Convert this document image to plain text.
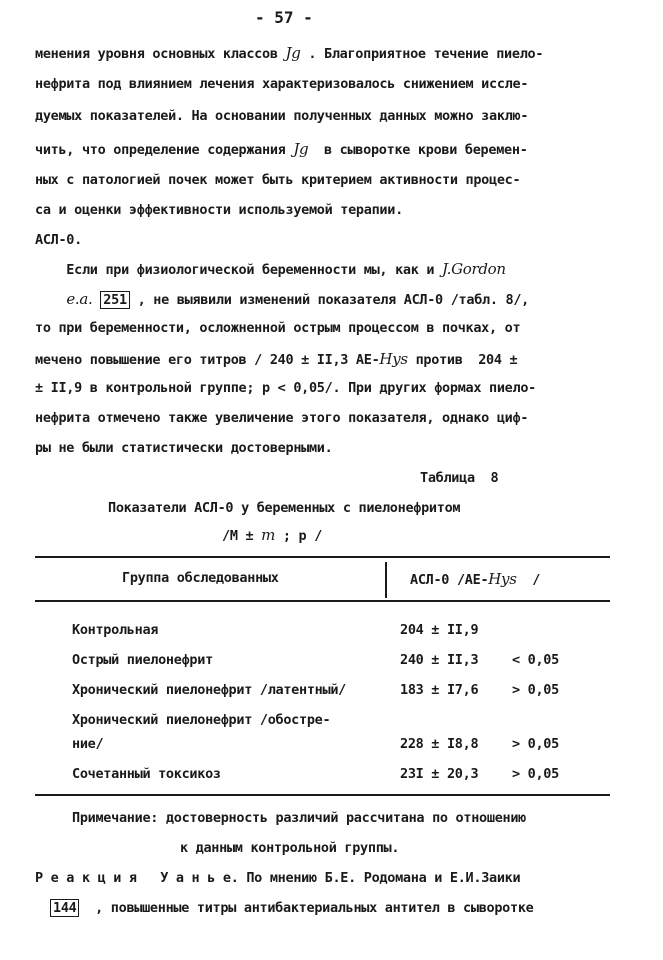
- 57 -
менения уровня основных классов Jg . Благоприятное течение пиело-
нефрита под влиянием лечения характеризовалось снижением иссле-
дуемых показателей. На основании полученных данных можно заклю-
чить, что определение содержания Jg  в сыворотке крови беремен-
ных с патологией почек может быть критерием активности процес-
са и оценки эффективности используемой терапии.
АСЛ-0.
Если при физиологической беременности мы, как и J.Gordon
e.a. 251 , не выявили изменений показателя АСЛ-0 /табл. 8/,
то при беременности, осложненной острым процессом в почках, от
мечено повышение его титров / 240 ± II,3 АЕ-Hys против  204 ±
± II,9 в контрольной группе; p < 0,05/. При других формах пиело-
нефрита отмечено также увеличение этого показателя, однако циф-
ры не были статистически достоверными.
Таблица  8
Показатели АСЛ-0 у беременных с пиелонефритом
/М ± m ; p /
Группа обследованных	АСЛ-0 /АЕ-Hys  /
Контрольная	204 ± II,9
Острый пиелонефрит	240 ± II,3 < 0,05
Хронический пиелонефрит /латентный/	183 ± I7,6 > 0,05
Хронический пиелонефрит /обостре-
ние/	228 ± I8,8 > 0,05
Сочетанный токсикоз	23I ± 20,3 > 0,05
Примечание: достоверность различий рассчитана по отношению
к данным контрольной группы.
Р е а к ц и я   У а н ь е. По мнению Б.Е. Родомана и Е.И.Заики
144  , повышенные титры антибактериальных антител в сыворотке
